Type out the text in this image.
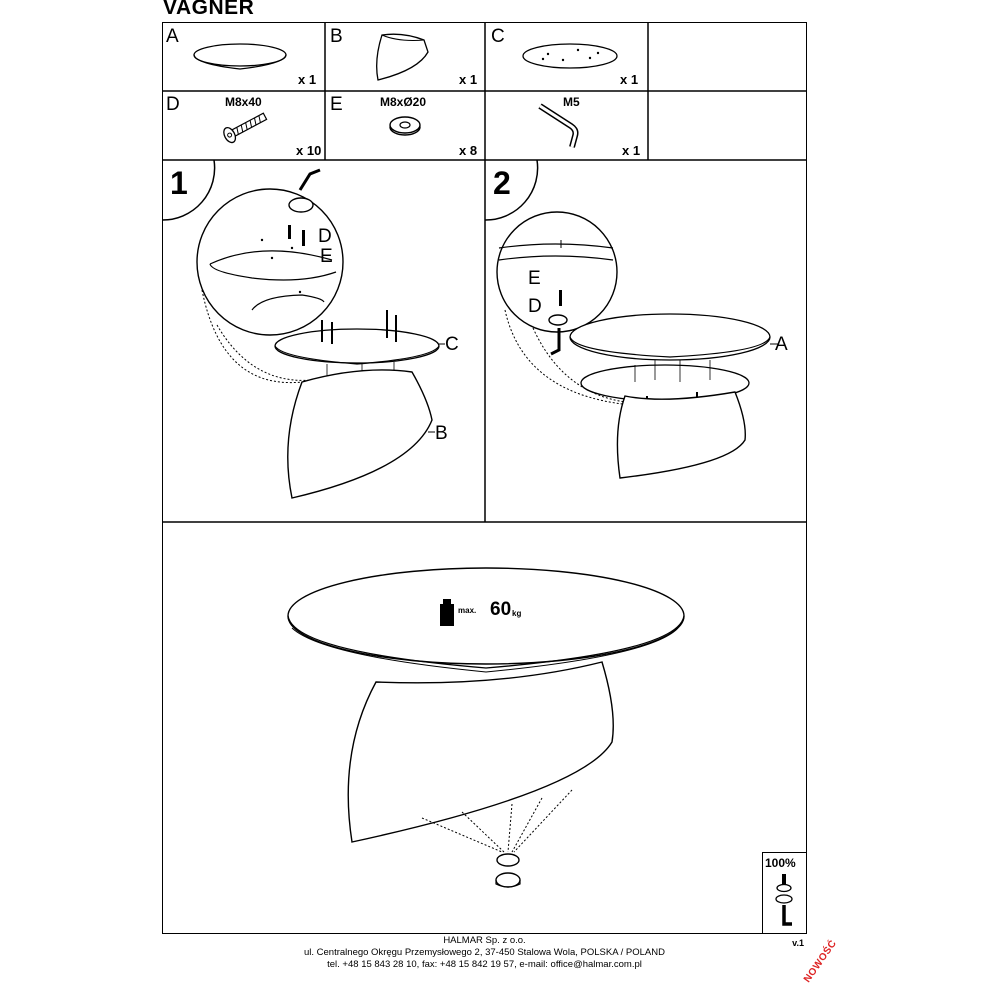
VAGNER
A
x 1
B
x 1
C
x 1
D	M8x40
x 10
E	M8xØ20
x 8
M5
x 1
1
D
E
C
B
2
E
D
A
max. 60 kg
100%
HALMAR Sp. z o.o.
ul. Centralnego Okręgu Przemysłowego 2, 37-450 Stalowa Wola, POLSKA / POLAND
tel. +48 15 843 28 10, fax: +48 15 842 19 57, e-mail: office@halmar.com.pl
v.1
NOWOŚĆ
